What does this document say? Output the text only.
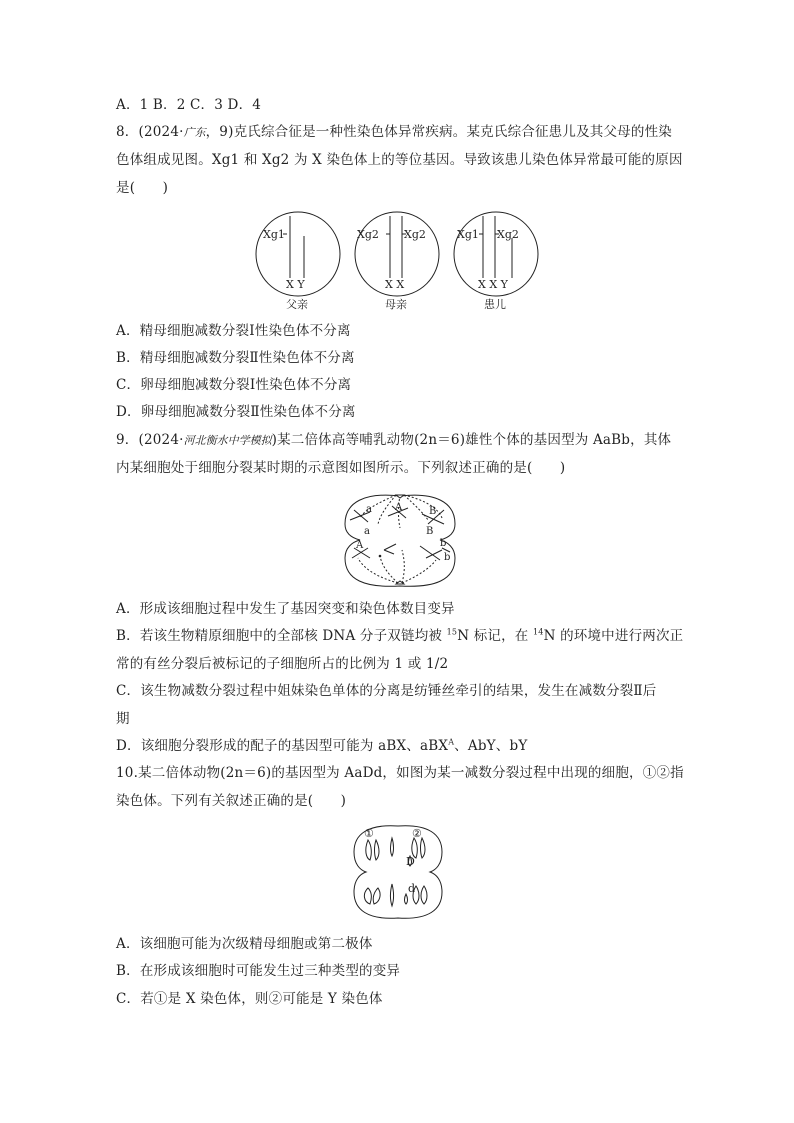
A．1 B．2 C．3 D．4
8．(2024·广东，9)克氏综合征是一种性染色体异常疾病。某克氏综合征患儿及其父母的性染
色体组成见图。Xg1 和 Xg2 为 X 染色体上的等位基因。导致该患儿染色体异常最可能的原因
是(　　)
Xg1
X Y
父亲
Xg2 Xg2
X X
母亲
Xg1 Xg2
X X Y
患儿
A．精母细胞减数分裂Ⅰ性染色体不分离
B．精母细胞减数分裂Ⅱ性染色体不分离
C．卵母细胞减数分裂Ⅰ性染色体不分离
D．卵母细胞减数分裂Ⅱ性染色体不分离
9．(2024·河北衡水中学模拟)某二倍体高等哺乳动物(2n＝6)雄性个体的基因型为 AaBb，其体
内某细胞处于细胞分裂某时期的示意图如图所示。下列叙述正确的是(　　)
a A	B
a	B
A	b
b
A．形成该细胞过程中发生了基因突变和染色体数目变异
B．若该生物精原细胞中的全部核 DNA 分子双链均被 $^{15}$N 标记，在 $^{14}$N 的环境中进行两次正
常的有丝分裂后被标记的子细胞所占的比例为 1 或 1/2
C．该生物减数分裂过程中姐妹染色单体的分离是纺锤丝牵引的结果，发生在减数分裂Ⅱ后
期
D．该细胞分裂形成的配子的基因型可能为 aBX、aBX$^A$、AbY、bY
10.某二倍体动物(2n＝6)的基因型为 AaDd，如图为某一减数分裂过程中出现的细胞，①②指
染色体。下列有关叙述正确的是(　　)
①	②
D
d
A．该细胞可能为次级精母细胞或第二极体
B．在形成该细胞时可能发生过三种类型的变异
C．若①是 X 染色体，则②可能是 Y 染色体
